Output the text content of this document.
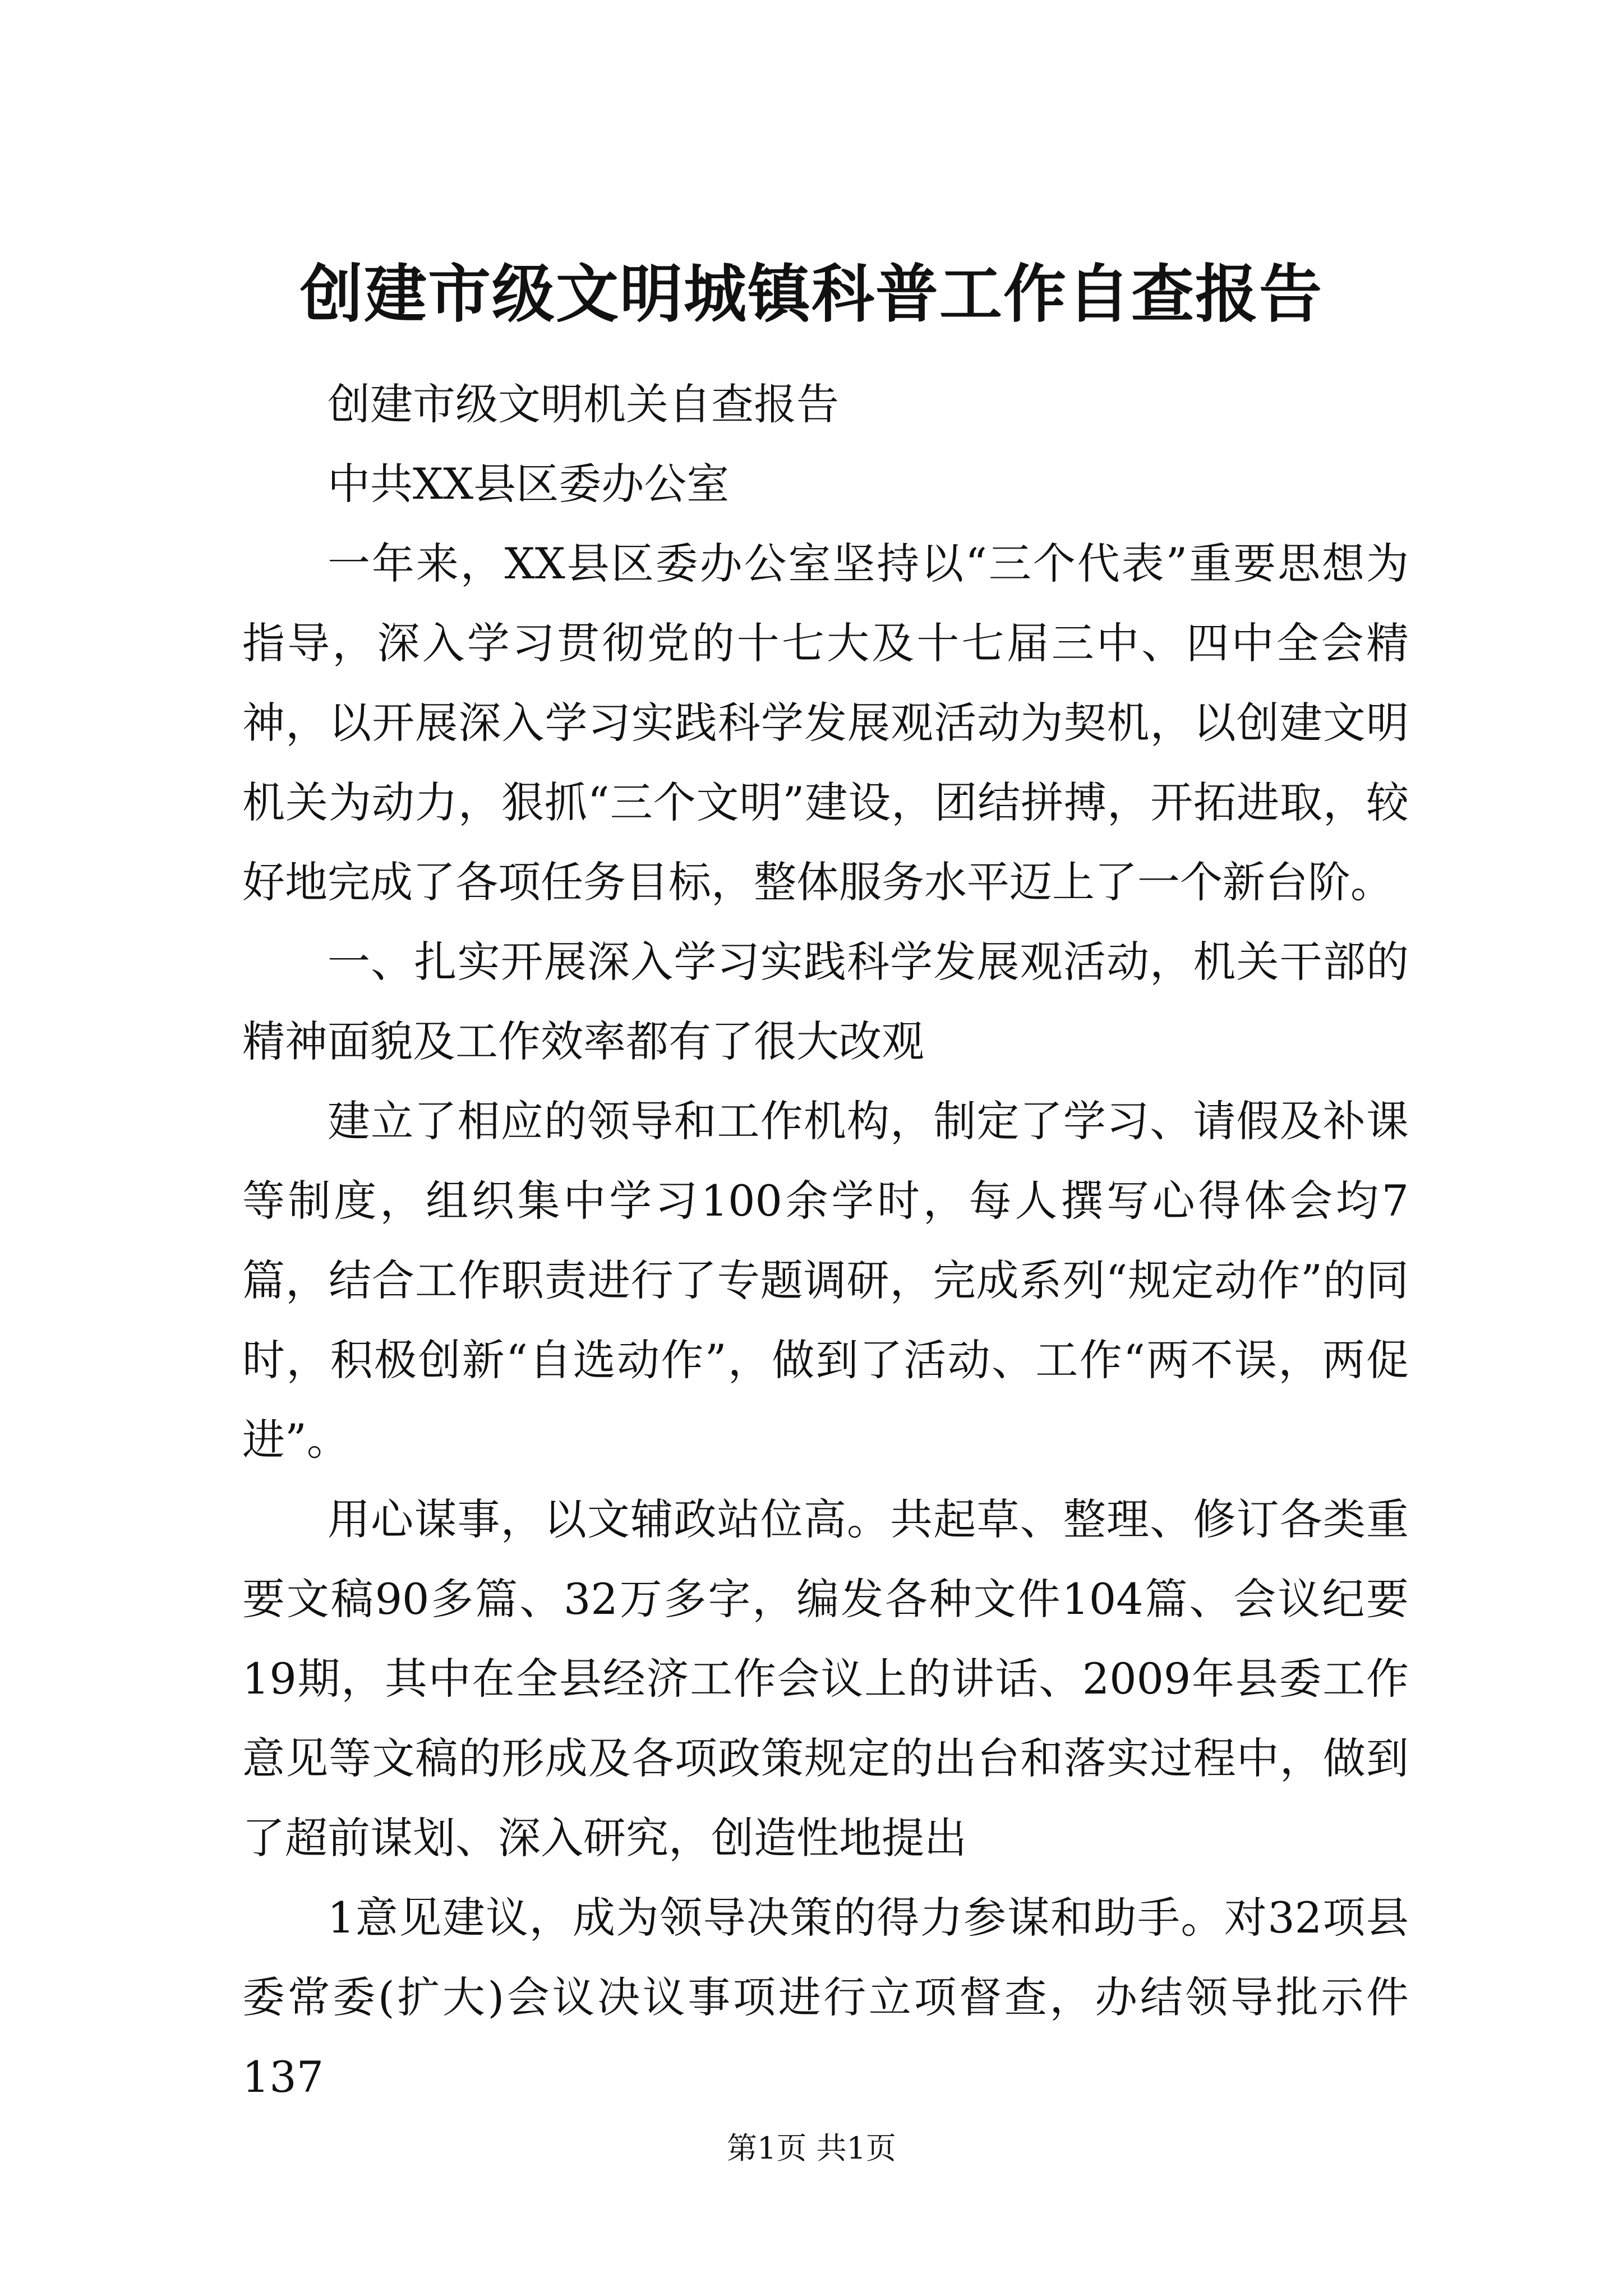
创建市级文明城镇科普工作自查报告

创建市级文明机关自查报告

中共XX县区委办公室

一年来，XX县区委办公室坚持以“三个代表”重要思想为指导，深入学习贯彻党的十七大及十七届三中、四中全会精神，以开展深入学习实践科学发展观活动为契机，以创建文明机关为动力，狠抓“三个文明”建设，团结拼搏，开拓进取，较好地完成了各项任务目标，整体服务水平迈上了一个新台阶。

一、扎实开展深入学习实践科学发展观活动，机关干部的精神面貌及工作效率都有了很大改观

建立了相应的领导和工作机构，制定了学习、请假及补课等制度，组织集中学习100余学时，每人撰写心得体会均7篇，结合工作职责进行了专题调研，完成系列“规定动作”的同时，积极创新“自选动作”，做到了活动、工作“两不误，两促进”。

用心谋事，以文辅政站位高。共起草、整理、修订各类重要文稿90多篇、32万多字，编发各种文件104篇、会议纪要19期，其中在全县经济工作会议上的讲话、2009年县委工作意见等文稿的形成及各项政策规定的出台和落实过程中，做到了超前谋划、深入研究，创造性地提出

1意见建议，成为领导决策的得力参谋和助手。对32项县委常委(扩大)会议决议事项进行立项督查，办结领导批示件137

第1页 共1页
